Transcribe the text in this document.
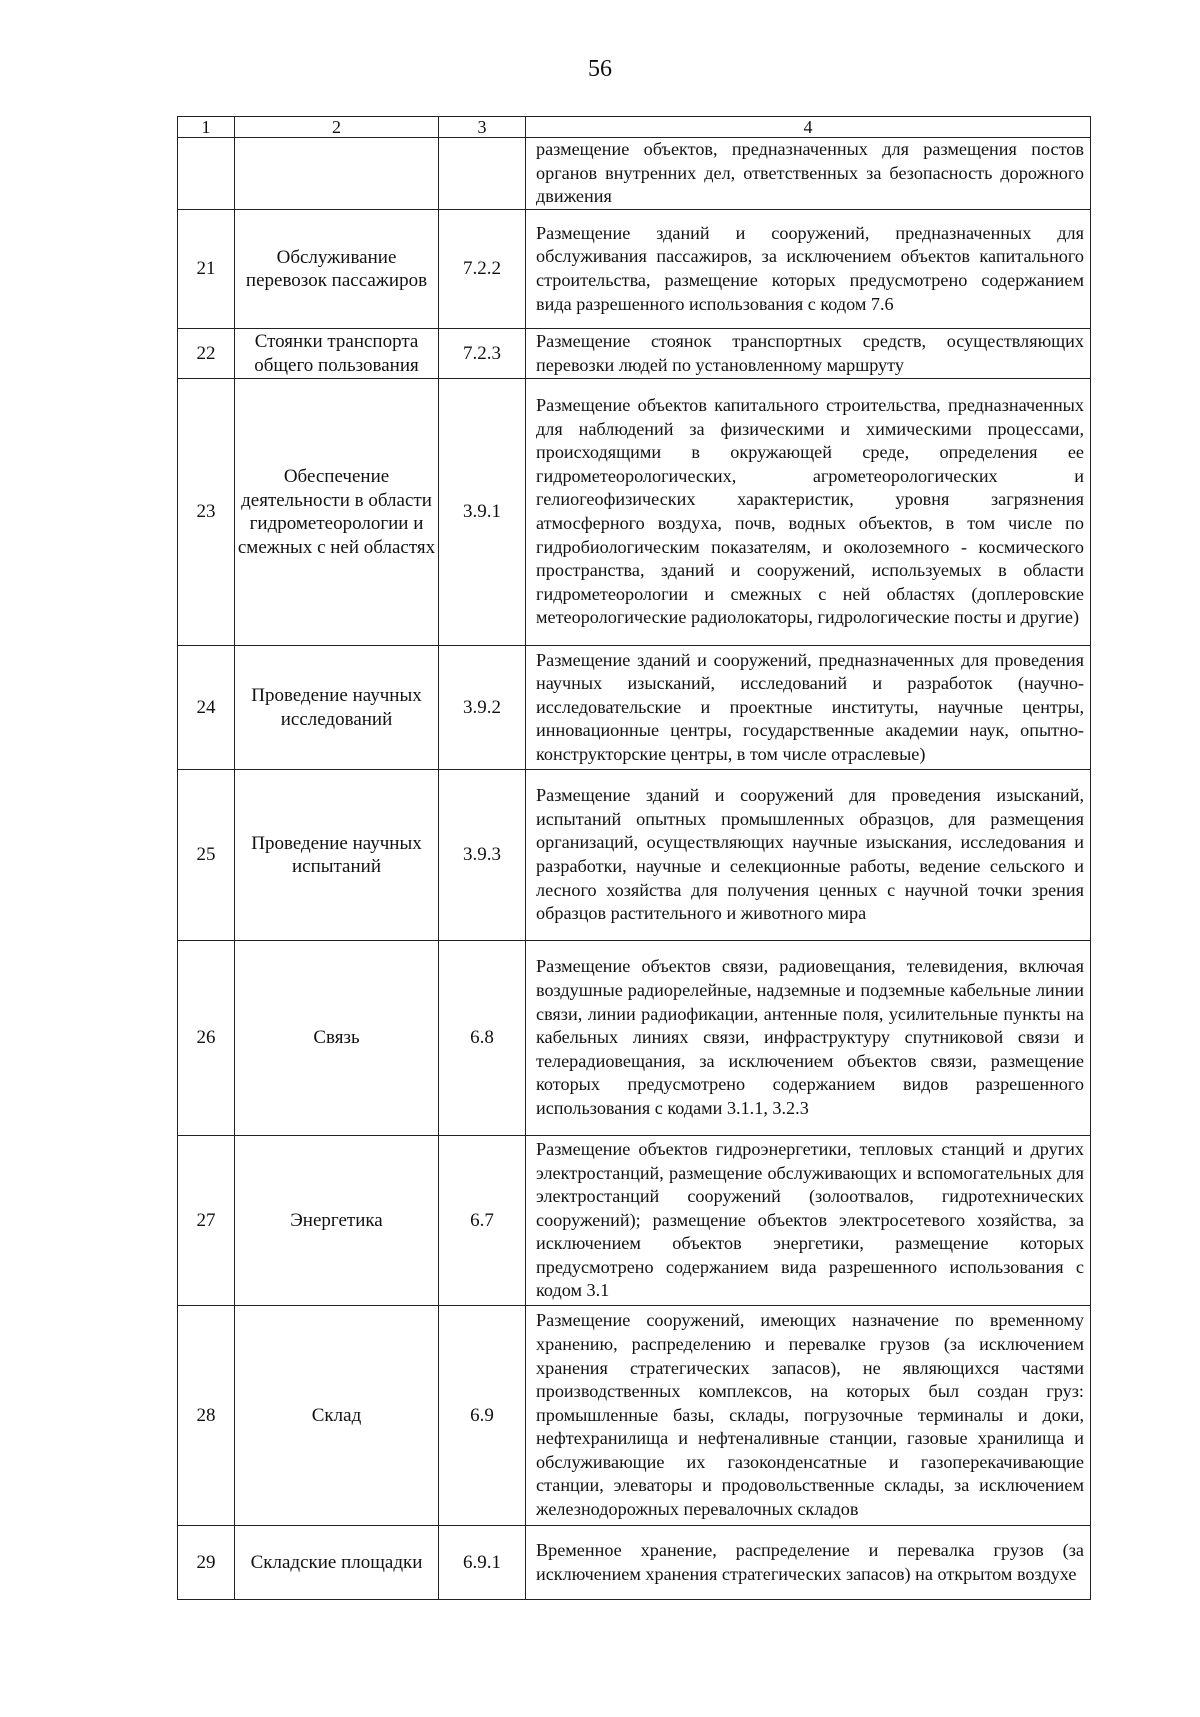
56
1	2	3	4
			размещение объектов, предназначенных для размещения постов органов внутренних дел, ответственных за безопасность дорожного движения
21	Обслуживание перевозок пассажиров	7.2.2	Размещение зданий и сооружений, предназначенных для обслуживания пассажиров, за исключением объектов капитального строительства, размещение которых предусмотрено содержанием вида разрешенного использования с кодом 7.6
22	Стоянки транспорта общего пользования	7.2.3	Размещение стоянок транспортных средств, осуществляющих перевозки людей по установленному маршруту
23	Обеспечение деятельности в области гидрометеорологии и смежных с ней областях	3.9.1	Размещение объектов капитального строительства, предназначенных для наблюдений за физическими и химическими процессами, происходящими в окружающей среде, определения ее гидрометеорологических, агрометеорологических и гелиогеофизических характеристик, уровня загрязнения атмосферного воздуха, почв, водных объектов, в том числе по гидробиологическим показателям, и околоземного - космического пространства, зданий и сооружений, используемых в области гидрометеорологии и смежных с ней областях (доплеровские метеорологические радиолокаторы, гидрологические посты и другие)
24	Проведение научных исследований	3.9.2	Размещение зданий и сооружений, предназначенных для проведения научных изысканий, исследований и разработок (научно-исследовательские и проектные институты, научные центры, инновационные центры, государственные академии наук, опытно-конструкторские центры, в том числе отраслевые)
25	Проведение научных испытаний	3.9.3	Размещение зданий и сооружений для проведения изысканий, испытаний опытных промышленных образцов, для размещения организаций, осуществляющих научные изыскания, исследования и разработки, научные и селекционные работы, ведение сельского и лесного хозяйства для получения ценных с научной точки зрения образцов растительного и животного мира
26	Связь	6.8	Размещение объектов связи, радиовещания, телевидения, включая воздушные радиорелейные, надземные и подземные кабельные линии связи, линии радиофикации, антенные поля, усилительные пункты на кабельных линиях связи, инфраструктуру спутниковой связи и телерадиовещания, за исключением объектов связи, размещение которых предусмотрено содержанием видов разрешенного использования с кодами 3.1.1, 3.2.3
27	Энергетика	6.7	Размещение объектов гидроэнергетики, тепловых станций и других электростанций, размещение обслуживающих и вспомогательных для электростанций сооружений (золоотвалов, гидротехнических сооружений); размещение объектов электросетевого хозяйства, за исключением объектов энергетики, размещение которых предусмотрено содержанием вида разрешенного использования с кодом 3.1
28	Склад	6.9	Размещение сооружений, имеющих назначение по временному хранению, распределению и перевалке грузов (за исключением хранения стратегических запасов), не являющихся частями производственных комплексов, на которых был создан груз: промышленные базы, склады, погрузочные терминалы и доки, нефтехранилища и нефтеналивные станции, газовые хранилища и обслуживающие их газоконденсатные и газоперекачивающие станции, элеваторы и продовольственные склады, за исключением железнодорожных перевалочных складов
29	Складские площадки	6.9.1	Временное хранение, распределение и перевалка грузов (за исключением хранения стратегических запасов) на открытом воздухе
